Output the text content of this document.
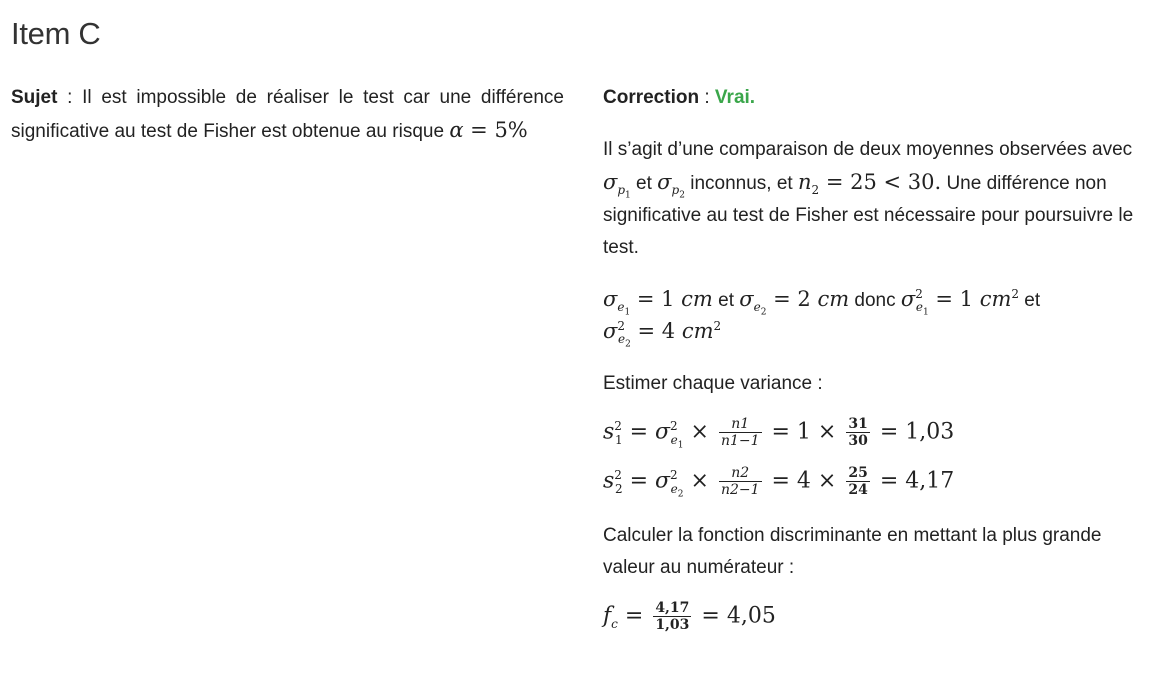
Item C

Sujet : Il est impossible de réaliser le test car une différence significative au test de Fisher est obtenue au risque α = 5%

Correction : Vrai.

Il s’agit d’une comparaison de deux moyennes observées avec $\sigma_{p_1}$ et $\sigma_{p_2}$ inconnus, et $n_2 = 25 < 30$. Une différence non significative au test de Fisher est nécessaire pour poursuivre le test.

$\sigma_{e_1} = 1$ cm et $\sigma_{e_2} = 2$ cm donc $\sigma^2_{e_1} = 1$ $cm^2$ et
$\sigma^2_{e_2} = 4$ $cm^2$

Estimer chaque variance :

$s^2_1 = \sigma^2_{e_1} \times \frac{n1}{n1-1} = 1 \times \frac{31}{30} = 1,03$
$s^2_2 = \sigma^2_{e_2} \times \frac{n2}{n2-1} = 4 \times \frac{25}{24} = 4,17$

Calculer la fonction discriminante en mettant la plus grande valeur au numérateur :

$f_c = \frac{4,17}{1,03} = 4,05$
